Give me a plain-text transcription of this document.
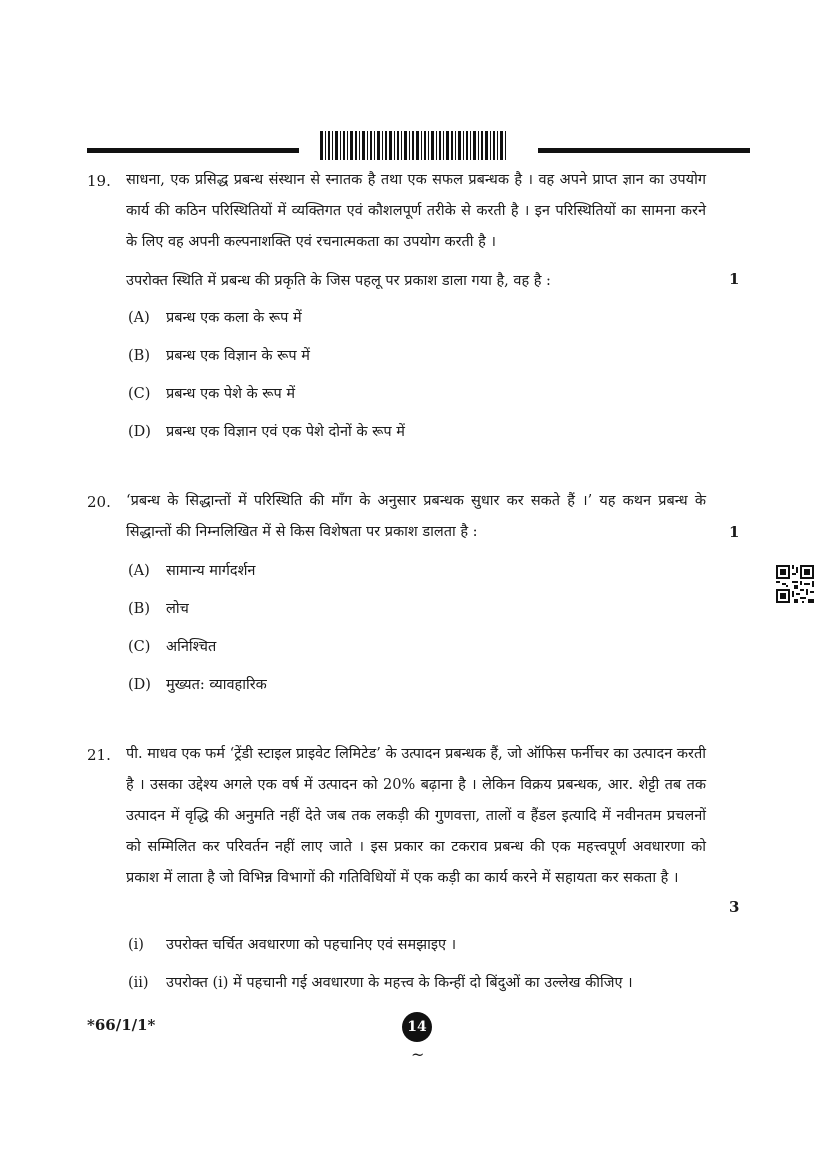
19. साधना, एक प्रसिद्ध प्रबन्ध संस्थान से स्नातक है तथा एक सफल प्रबन्धक है । वह अपने प्राप्त ज्ञान का उपयोग कार्य की कठिन परिस्थितियों में व्यक्तिगत एवं कौशलपूर्ण तरीके से करती है । इन परिस्थितियों का सामना करने के लिए वह अपनी कल्पनाशक्ति एवं रचनात्मकता का उपयोग करती है ।
उपरोक्त स्थिति में प्रबन्ध की प्रकृति के जिस पहलू पर प्रकाश डाला गया है, वह है :	1
(A) प्रबन्ध एक कला के रूप में
(B) प्रबन्ध एक विज्ञान के रूप में
(C) प्रबन्ध एक पेशे के रूप में
(D) प्रबन्ध एक विज्ञान एवं एक पेशे दोनों के रूप में
20. ‘प्रबन्ध के सिद्धान्तों में परिस्थिति की माँग के अनुसार प्रबन्धक सुधार कर सकते हैं ।’ यह कथन प्रबन्ध के सिद्धान्तों की निम्नलिखित में से किस विशेषता पर प्रकाश डालता है :	1
(A) सामान्य मार्गदर्शन
(B) लोच
(C) अनिश्चित
(D) मुख्यत: व्यावहारिक
21. पी. माधव एक फर्म ‘ट्रेंडी स्टाइल प्राइवेट लिमिटेड’ के उत्पादन प्रबन्धक हैं, जो ऑफिस फर्नीचर का उत्पादन करती है । उसका उद्देश्य अगले एक वर्ष में उत्पादन को 20% बढ़ाना है । लेकिन विक्रय प्रबन्धक, आर. शेट्टी तब तक उत्पादन में वृद्धि की अनुमति नहीं देते जब तक लकड़ी की गुणवत्ता, तालों व हैंडल इत्यादि में नवीनतम प्रचलनों को सम्मिलित कर परिवर्तन नहीं लाए जाते । इस प्रकार का टकराव प्रबन्ध की एक महत्त्वपूर्ण अवधारणा को प्रकाश में लाता है जो विभिन्न विभागों की गतिविधियों में एक कड़ी का कार्य करने में सहायता कर सकता है ।
3
(i) उपरोक्त चर्चित अवधारणा को पहचानिए एवं समझाइए ।
(ii) उपरोक्त (i) में पहचानी गई अवधारणा के महत्त्व के किन्हीं दो बिंदुओं का उल्लेख कीजिए ।
*66/1/1*	14
~
